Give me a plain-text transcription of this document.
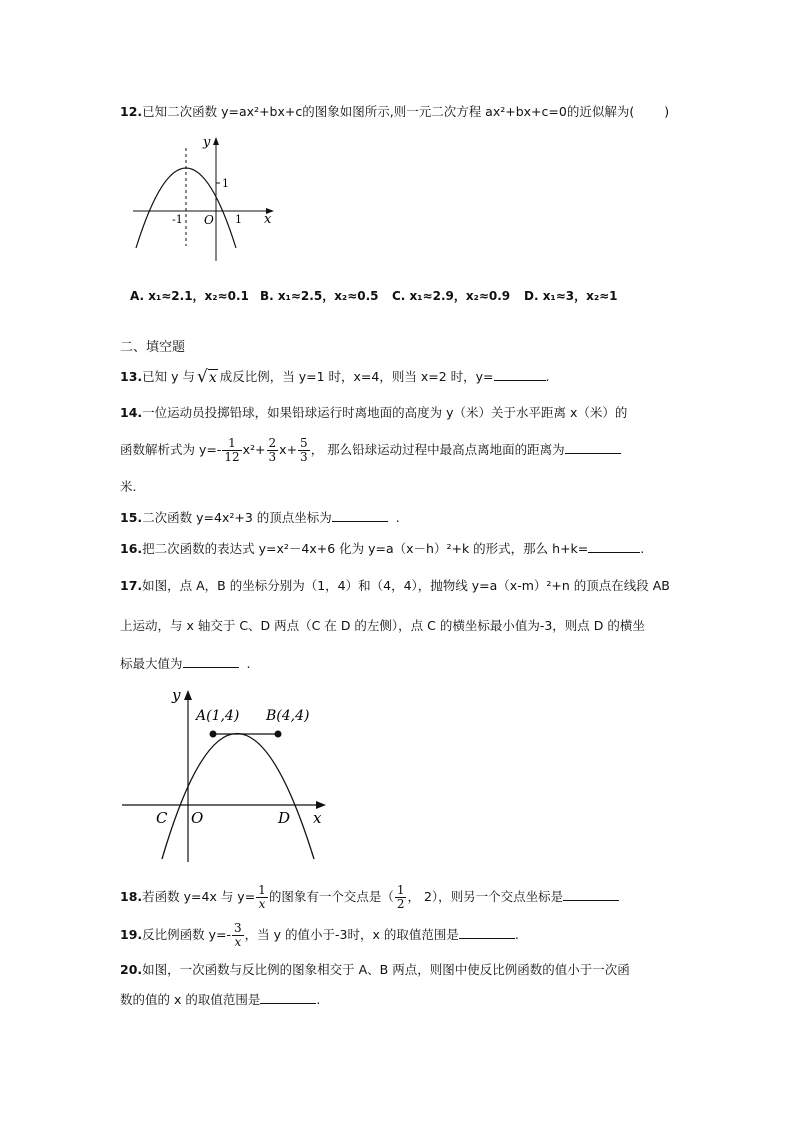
12.已知二次函数 y=ax²+bx+c的图象如图所示,则一元二次方程 ax²+bx+c=0的近似解为( )
y
x
1
-1 O 1
A. x₁≈2.1，x₂≈0.1 B. x₁≈2.5，x₂≈0.5 C. x₁≈2.9，x₂≈0.9 D. x₁≈3，x₂≈1
二、填空题
13.已知 y 与 √x 成反比例，当 y=1 时，x=4，则当 x=2 时，y=	.
14.一位运动员投掷铅球，如果铅球运行时离地面的高度为 y（米）关于水平距离 x（米）的
函数解析式为 $y=- \frac{1}{12} x^2+ \frac{2}{3} x+ \frac{5}{3}$ ， 那么铅球运动过程中最高点离地面的距离为
米.
15.二次函数 y=4x²+3 的顶点坐标为	.
16.把二次函数的表达式 y=x²－4x+6 化为 y=a（x－h）²+k 的形式，那么 h+k=	.
17.如图，点 A，B 的坐标分别为（1，4）和（4，4），抛物线 y=a（x-m）²+n 的顶点在线段 AB
上运动，与 x 轴交于 C、D 两点（C 在 D 的左侧），点 C 的横坐标最小值为-3，则点 D 的横坐
标最大值为	.
y
x
A(1,4) B(4,4)
C O	D
18.若函数 y=4x 与 $y= \frac{1}{x}$ 的图象有一个交点是（ $\frac{1}{2}$ ， 2），则另一个交点坐标是
19.反比例函数 $y=- \frac{3}{x}$ ，当 y 的值小于-3时，x 的取值范围是	.
20.如图，一次函数与反比例的图象相交于 A、B 两点，则图中使反比例函数的值小于一次函
数的值的 x 的取值范围是	.
